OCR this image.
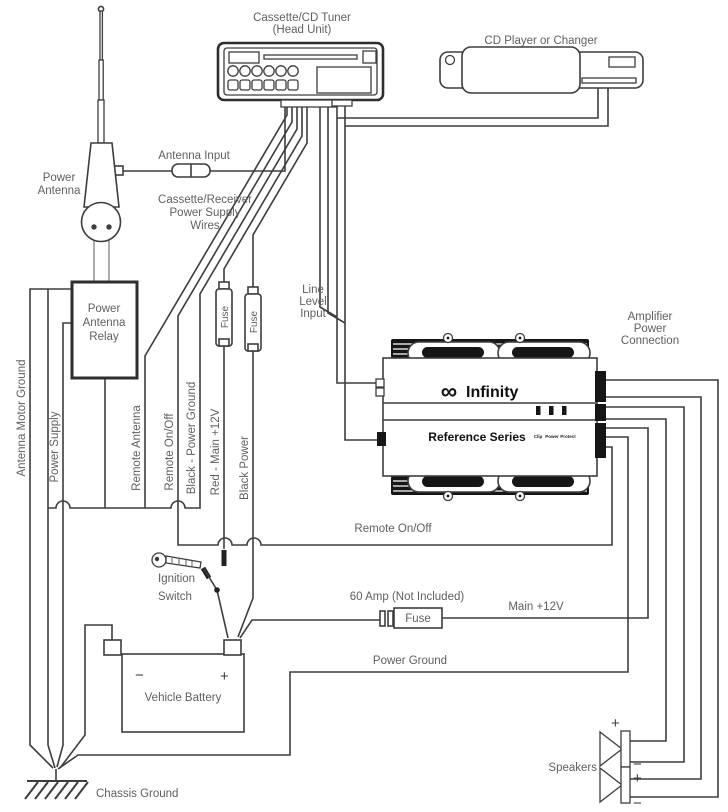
Power
Antenna
Relay
Fuse Fuse
Fuse
∞ Infinity
Reference Series Clip Power Protect
−	+
Vehicle Battery
+
−
+
−
Cassette/CD Tuner
(Head Unit)
CD Player or Changer
Antenna Input
Power
Antenna
Cassette/Receiver
Power Supply
Wires
Line
Level
Input	Amplifier
Power
Connection
Remote On/Off
60 Amp (Not Included)
Main +12V
Power Ground
Ignition
Switch
Chassis Ground
Speakers
Antenna Motor Ground Power Supply	Remote Antenna Remote On/Off Black - Power Ground Red - Main +12V Black Power
